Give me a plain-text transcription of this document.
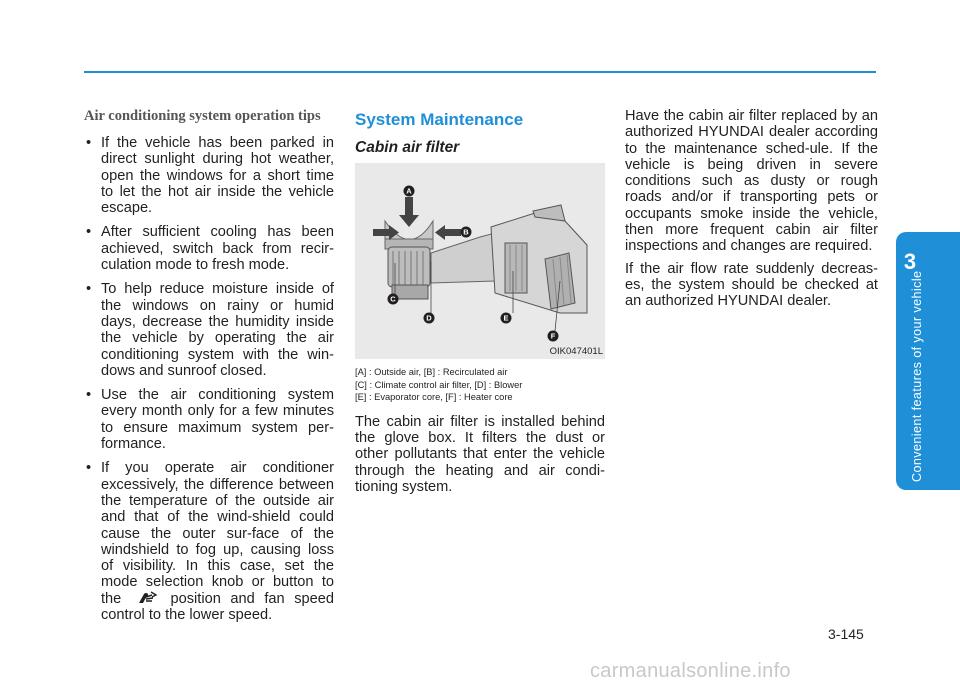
Air conditioning system operation tips
• If the vehicle has been parked in direct sunlight during hot weather, open the windows for a short time to let the hot air inside the vehicle escape.
• After sufficient cooling has been achieved, switch back from recir-culation mode to fresh mode.
• To help reduce moisture inside of the windows on rainy or humid days, decrease the humidity inside the vehicle by operating the air conditioning system with the win-dows and sunroof closed.
• Use the air conditioning system every month only for a few minutes to ensure maximum system per-formance.
• If you operate air conditioner excessively, the difference between the temperature of the outside air and that of the wind-shield could cause the outer sur-face of the windshield to fog up, causing loss of visibility. In this case, set the mode selection knob or button to the	position and fan speed control to the lower speed.
System Maintenance
Cabin air filter
A
B
C
D	E
F
OIK047401L
[A] : Outside air, [B] : Recirculated air
[C] : Climate control air filter, [D] : Blower
[E] : Evaporator core, [F] : Heater core

The cabin air filter is installed behind the glove box. It filters the dust or other pollutants that enter the vehicle through the heating and air condi-tioning system.

Have the cabin air filter replaced by an authorized HYUNDAI dealer according to the maintenance sched-ule. If the vehicle is being driven in severe conditions such as dusty or rough roads and/or if transporting pets or occupants smoke inside the vehicle, then more frequent cabin air filter inspections and changes are required.

If the air flow rate suddenly decreas-es, the system should be checked at an authorized HYUNDAI dealer.

3
Convenient features of your vehicle
3-145
carmanualsonline.info
